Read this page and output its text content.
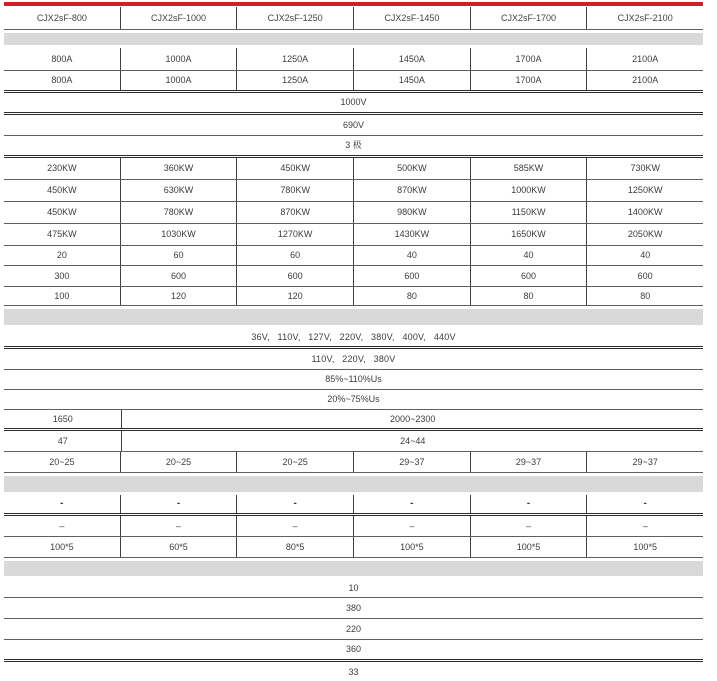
CJX2sF-800	CJX2sF-1000	CJX2sF-1250	CJX2sF-1450	CJX2sF-1700	CJX2sF-2100
800A	1000A	1250A	1450A	1700A	2100A
800A	1000A	1250A	1450A	1700A	2100A
1000V
690V
3 极
230KW	360KW	450KW	500KW	585KW	730KW
450KW	630KW	780KW	870KW	1000KW	1250KW
450KW	780KW	870KW	980KW	1150KW	1400KW
475KW	1030KW	1270KW	1430KW	1650KW	2050KW
20	60	60	40	40	40
300	600	600	600	600	600
100	120	120	80	80	80
36V, 110V, 127V, 220V, 380V, 400V, 440V
110V, 220V, 380V
85%~110%Us
20%~75%Us
1650	2000~2300
47	24~44
20~25	20~25	20~25	29~37	29~37	29~37
-	-	-	-	-	-
–	–	–	–	–	–
100*5	60*5	80*5	100*5	100*5	100*5
10
380
220
360
33
